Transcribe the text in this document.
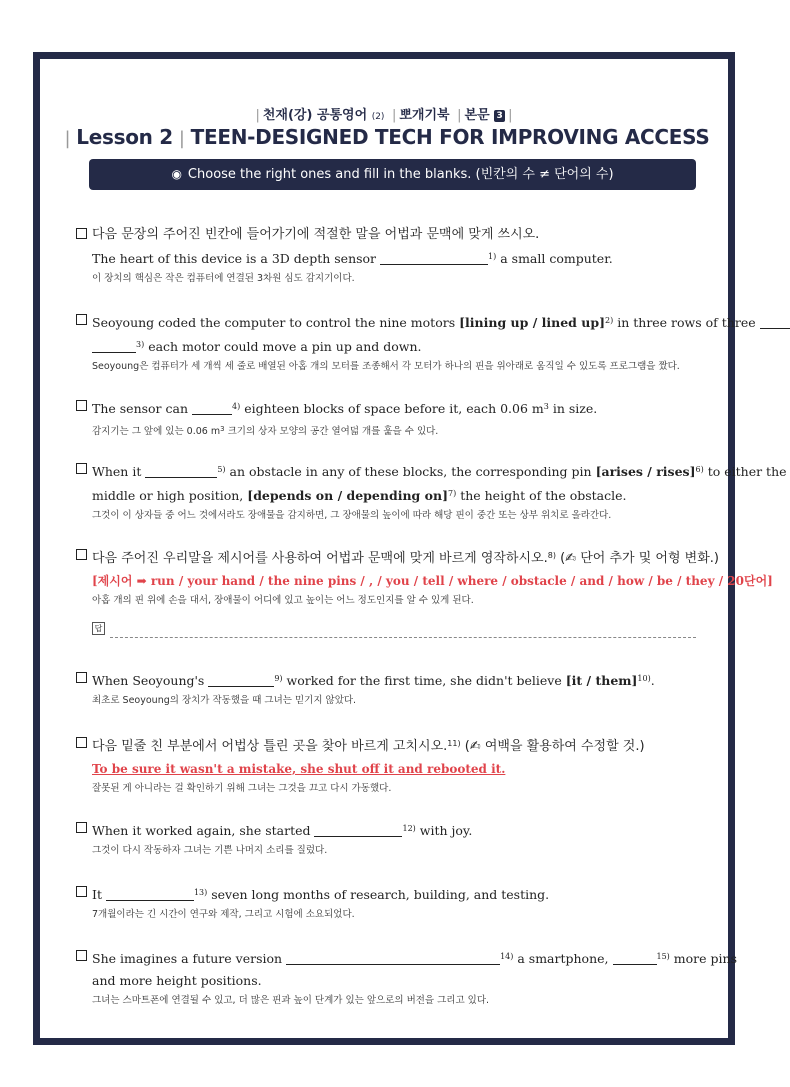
| 천재(강) 공통영어 (2) | 뽀개기북 | 본문 3 |
| Lesson 2 | TEEN-DESIGNED TECH FOR IMPROVING ACCESS
◉ Choose the right ones and fill in the blanks. (빈칸의 수 ≠ 단어의 수)
다음 문장의 주어진 빈칸에 들어가기에 적절한 말을 어법과 문맥에 맞게 쓰시오.
The heart of this device is a 3D depth sensor	$^{1)}$ a small computer.
이 장치의 핵심은 작은 컴퓨터에 연결된 3차원 심도 감지기이다.
Seoyoung coded the computer to control the nine motors [lining up / lined up]$^{2)}$ in three rows of three
$^{3)}$ each motor could move a pin up and down.
Seoyoung은 컴퓨터가 세 개씩 세 줄로 배열된 아홉 개의 모터를 조종해서 각 모터가 하나의 핀을 위아래로 움직일 수 있도록 프로그램을 짰다.
The sensor can	$^{4)}$ eighteen blocks of space before it, each 0.06 $m^3$ in size.
감지기는 그 앞에 있는 0.06 $m^3$ 크기의 상자 모양의 공간 열여덟 개를 훑을 수 있다.
When it	$^{5)}$ an obstacle in any of these blocks, the corresponding pin [arises / rises]$^{6)}$ to either the
middle or high position, [depends on / depending on]$^{7)}$ the height of the obstacle.
그것이 이 상자들 중 어느 것에서라도 장애물을 감지하면, 그 장애물의 높이에 따라 해당 핀이 중간 또는 상부 위치로 올라간다.
다음 주어진 우리말을 제시어를 사용하여 어법과 문맥에 맞게 바르게 영작하시오.$^{8)}$ (✍ 단어 추가 및 어형 변화.)
[제시어 ➡ run / your hand / the nine pins / , / you / tell / where / obstacle / and / how / be / they / 20단어]
아홉 개의 핀 위에 손을 대서, 장애물이 어디에 있고 높이는 어느 정도인지를 알 수 있게 된다.
답
When Seoyoung's	$^{9)}$ worked for the first time, she didn't believe [it / them]$^{10)}$.
최초로 Seoyoung의 장치가 작동했을 때 그녀는 믿기지 않았다.
다음 밑줄 친 부분에서 어법상 틀린 곳을 찾아 바르게 고치시오.$^{11)}$ (✍ 여백을 활용하여 수정할 것.)
To be sure it wasn't a mistake, she shut off it and rebooted it.
잘못된 게 아니라는 걸 확인하기 위해 그녀는 그것을 끄고 다시 가동했다.
When it worked again, she started	$^{12)}$ with joy.
그것이 다시 작동하자 그녀는 기쁜 나머지 소리를 질렀다.
It	$^{13)}$ seven long months of research, building, and testing.
7개월이라는 긴 시간이 연구와 제작, 그리고 시험에 소요되었다.
She imagines a future version	$^{14)}$ a smartphone,	$^{15)}$ more pins
and more height positions.
그녀는 스마트폰에 연결될 수 있고, 더 많은 핀과 높이 단계가 있는 앞으로의 버전을 그리고 있다.
